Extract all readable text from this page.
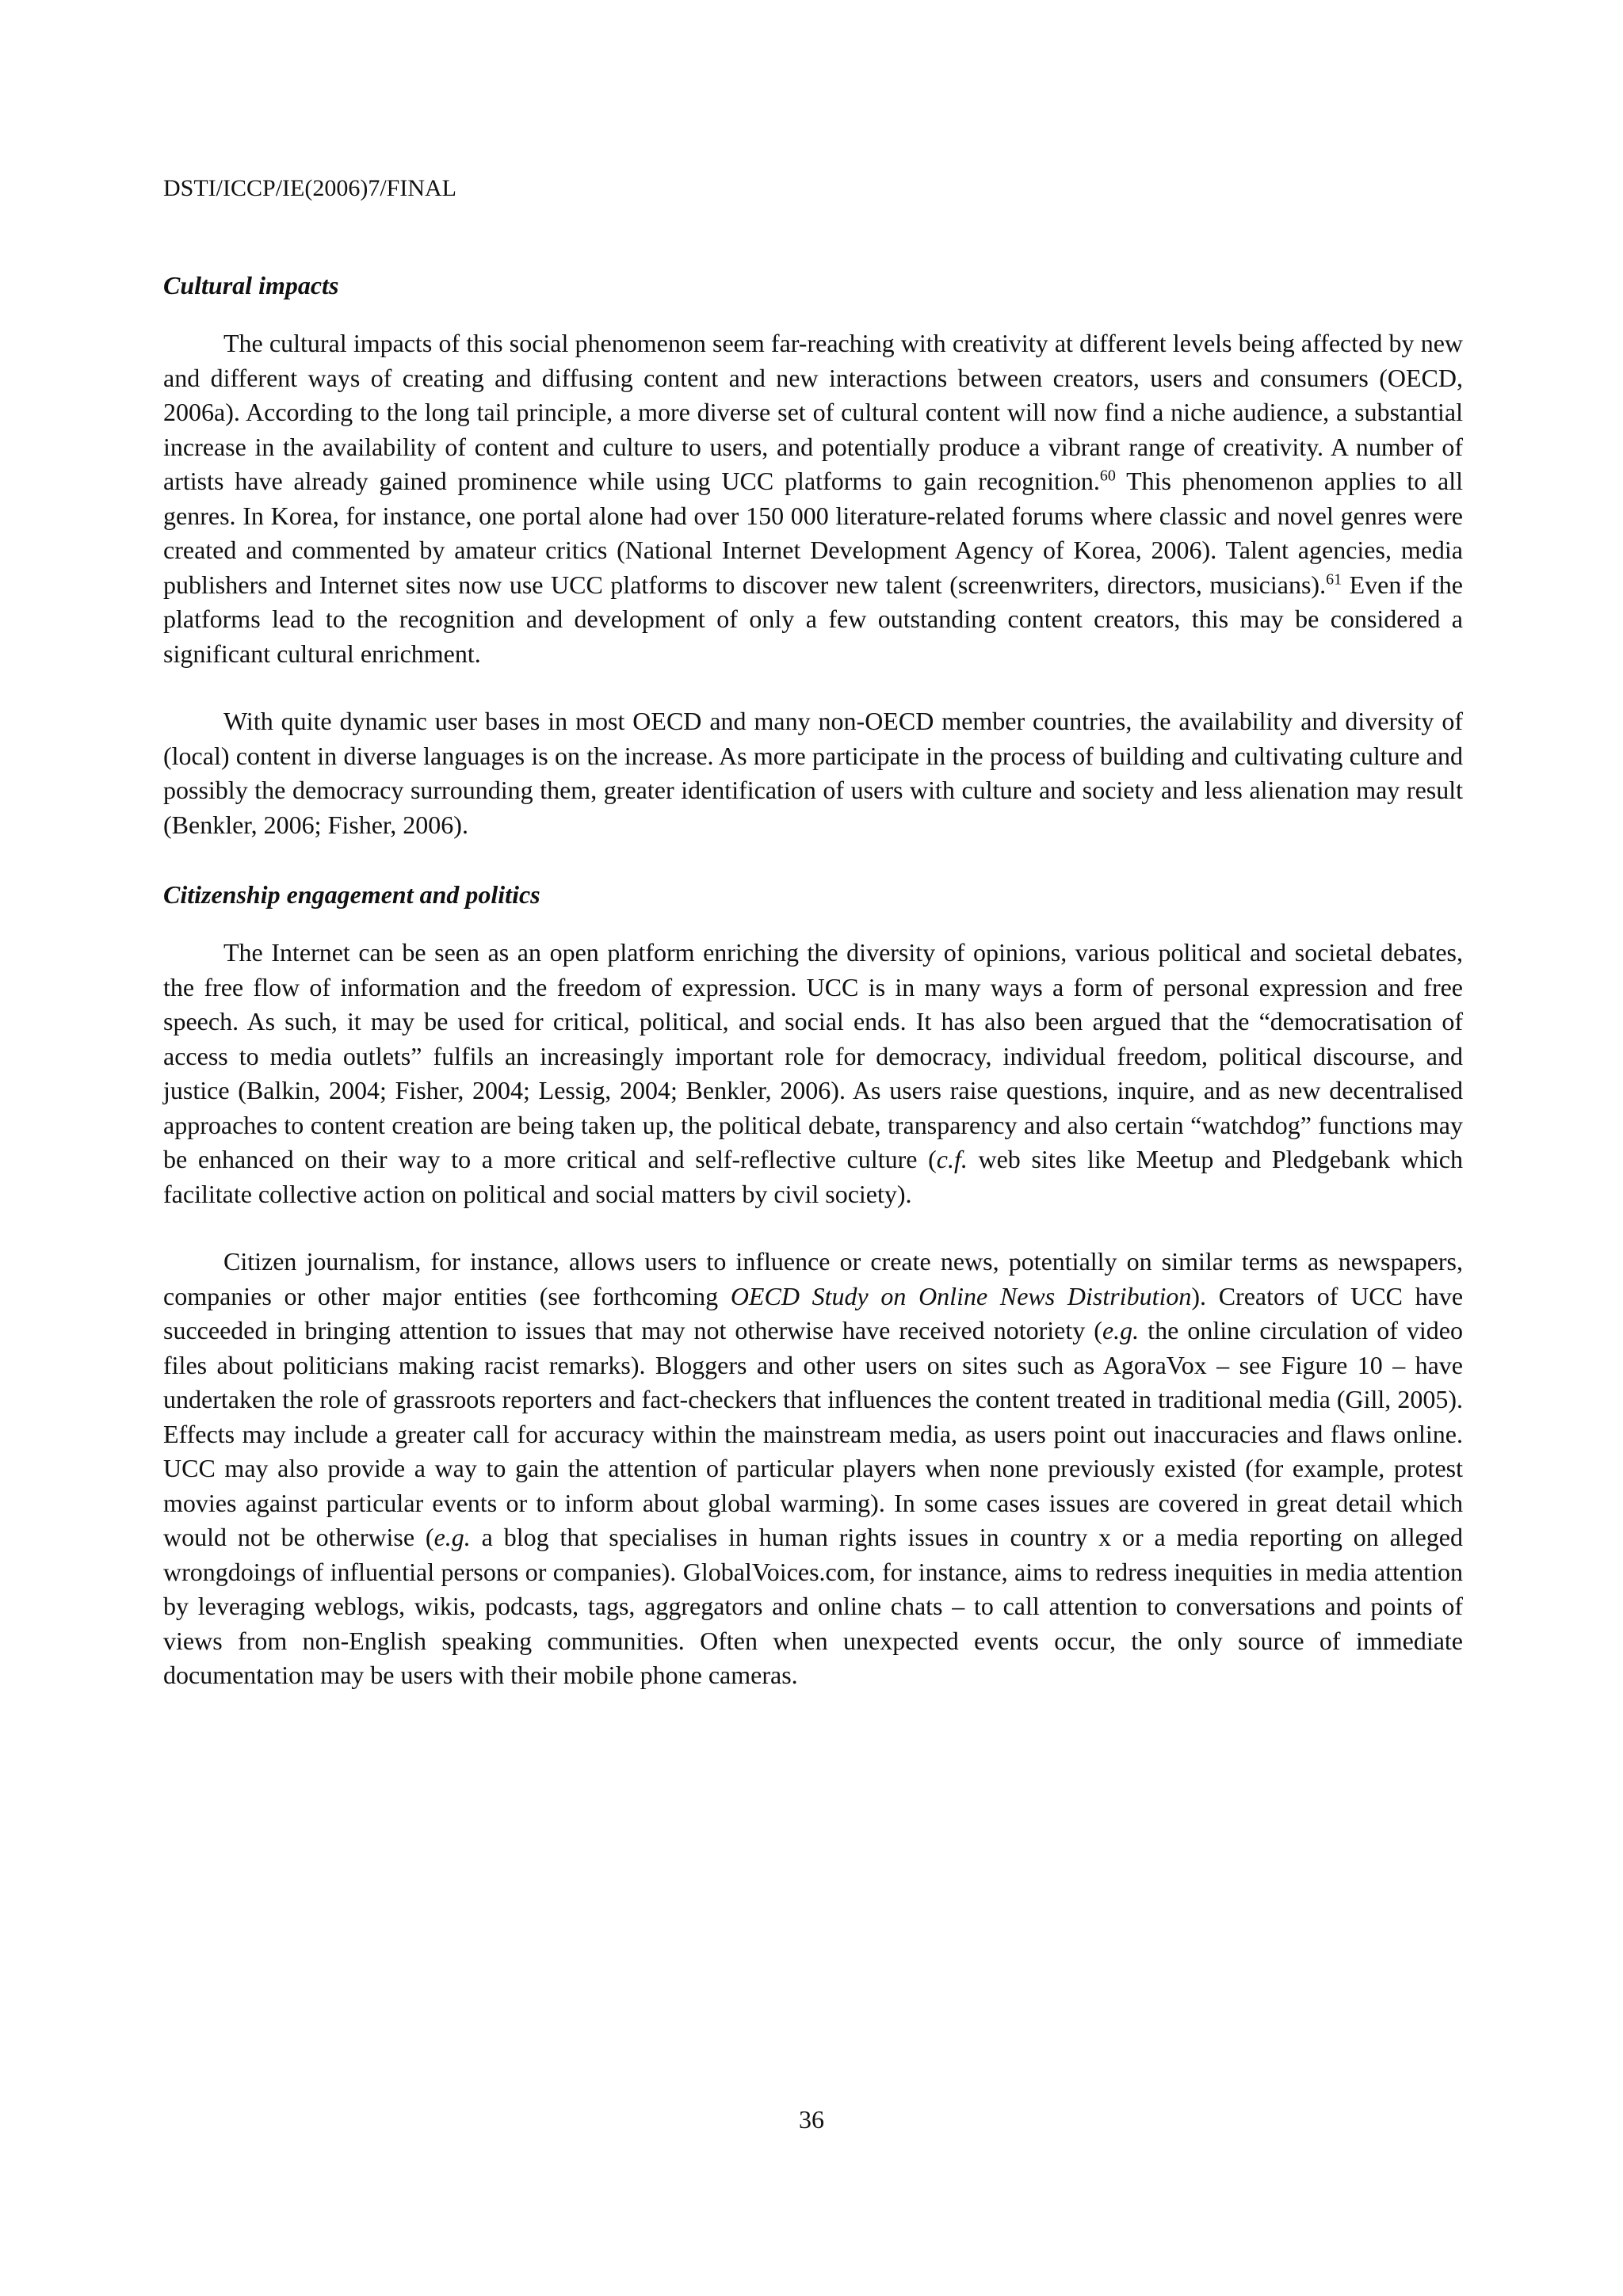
DSTI/ICCP/IE(2006)7/FINAL

Cultural impacts

The cultural impacts of this social phenomenon seem far-reaching with creativity at different levels being affected by new and different ways of creating and diffusing content and new interactions between creators, users and consumers (OECD, 2006a). According to the long tail principle, a more diverse set of cultural content will now find a niche audience, a substantial increase in the availability of content and culture to users, and potentially produce a vibrant range of creativity. A number of artists have already gained prominence while using UCC platforms to gain recognition.$^{60}$ This phenomenon applies to all genres. In Korea, for instance, one portal alone had over 150 000 literature-related forums where classic and novel genres were created and commented by amateur critics (National Internet Development Agency of Korea, 2006). Talent agencies, media publishers and Internet sites now use UCC platforms to discover new talent (screenwriters, directors, musicians).$^{61}$ Even if the platforms lead to the recognition and development of only a few outstanding content creators, this may be considered a significant cultural enrichment.

With quite dynamic user bases in most OECD and many non-OECD member countries, the availability and diversity of (local) content in diverse languages is on the increase. As more participate in the process of building and cultivating culture and possibly the democracy surrounding them, greater identification of users with culture and society and less alienation may result (Benkler, 2006; Fisher, 2006).

Citizenship engagement and politics

The Internet can be seen as an open platform enriching the diversity of opinions, various political and societal debates, the free flow of information and the freedom of expression. UCC is in many ways a form of personal expression and free speech. As such, it may be used for critical, political, and social ends. It has also been argued that the “democratisation of access to media outlets” fulfils an increasingly important role for democracy, individual freedom, political discourse, and justice (Balkin, 2004; Fisher, 2004; Lessig, 2004; Benkler, 2006). As users raise questions, inquire, and as new decentralised approaches to content creation are being taken up, the political debate, transparency and also certain “watchdog” functions may be enhanced on their way to a more critical and self-reflective culture (c.f. web sites like Meetup and Pledgebank which facilitate collective action on political and social matters by civil society).

Citizen journalism, for instance, allows users to influence or create news, potentially on similar terms as newspapers, companies or other major entities (see forthcoming OECD Study on Online News Distribution). Creators of UCC have succeeded in bringing attention to issues that may not otherwise have received notoriety (e.g. the online circulation of video files about politicians making racist remarks). Bloggers and other users on sites such as AgoraVox – see Figure 10 – have undertaken the role of grassroots reporters and fact-checkers that influences the content treated in traditional media (Gill, 2005). Effects may include a greater call for accuracy within the mainstream media, as users point out inaccuracies and flaws online. UCC may also provide a way to gain the attention of particular players when none previously existed (for example, protest movies against particular events or to inform about global warming). In some cases issues are covered in great detail which would not be otherwise (e.g. a blog that specialises in human rights issues in country x or a media reporting on alleged wrongdoings of influential persons or companies). GlobalVoices.com, for instance, aims to redress inequities in media attention by leveraging weblogs, wikis, podcasts, tags, aggregators and online chats – to call attention to conversations and points of views from non-English speaking communities. Often when unexpected events occur, the only source of immediate documentation may be users with their mobile phone cameras.

36
